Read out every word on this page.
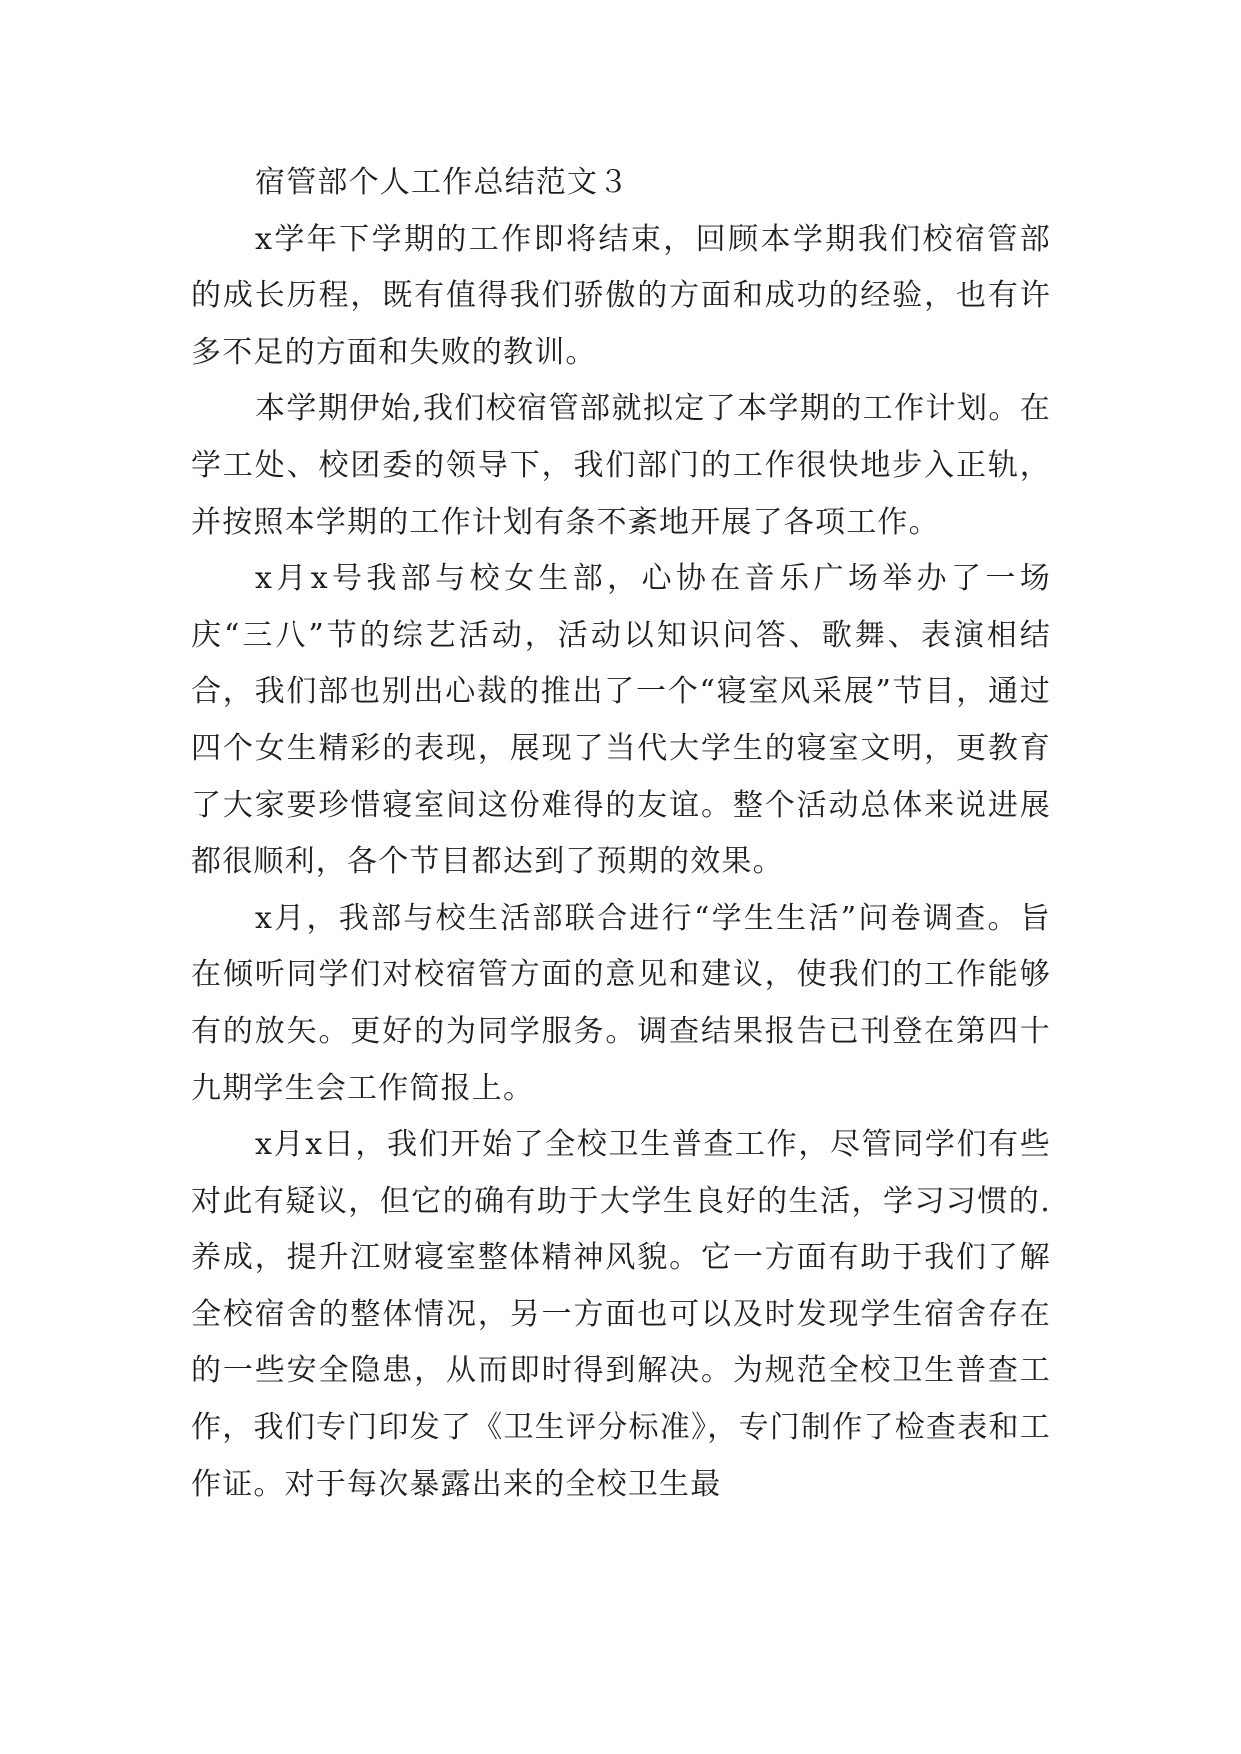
宿管部个人工作总结范文３

x学年下学期的工作即将结束，回顾本学期我们校宿管部的成长历程，既有值得我们骄傲的方面和成功的经验，也有许多不足的方面和失败的教训。

本学期伊始,我们校宿管部就拟定了本学期的工作计划。在学工处、校团委的领导下，我们部门的工作很快地步入正轨，并按照本学期的工作计划有条不紊地开展了各项工作。

x月x号我部与校女生部，心协在音乐广场举办了一场庆“三八”节的综艺活动，活动以知识问答、歌舞、表演相结合，我们部也别出心裁的推出了一个“寝室风采展”节目，通过四个女生精彩的表现，展现了当代大学生的寝室文明，更教育了大家要珍惜寝室间这份难得的友谊。整个活动总体来说进展都很顺利，各个节目都达到了预期的效果。

x月，我部与校生活部联合进行“学生生活”问卷调查。旨在倾听同学们对校宿管方面的意见和建议，使我们的工作能够有的放矢。更好的为同学服务。调查结果报告已刊登在第四十九期学生会工作简报上。

x月x日，我们开始了全校卫生普查工作，尽管同学们有些对此有疑议，但它的确有助于大学生良好的生活，学习习惯的.养成，提升江财寝室整体精神风貌。它一方面有助于我们了解全校宿舍的整体情况，另一方面也可以及时发现学生宿舍存在的一些安全隐患，从而即时得到解决。为规范全校卫生普查工作，我们专门印发了《卫生评分标准》，专门制作了检查表和工作证。对于每次暴露出来的全校卫生最
